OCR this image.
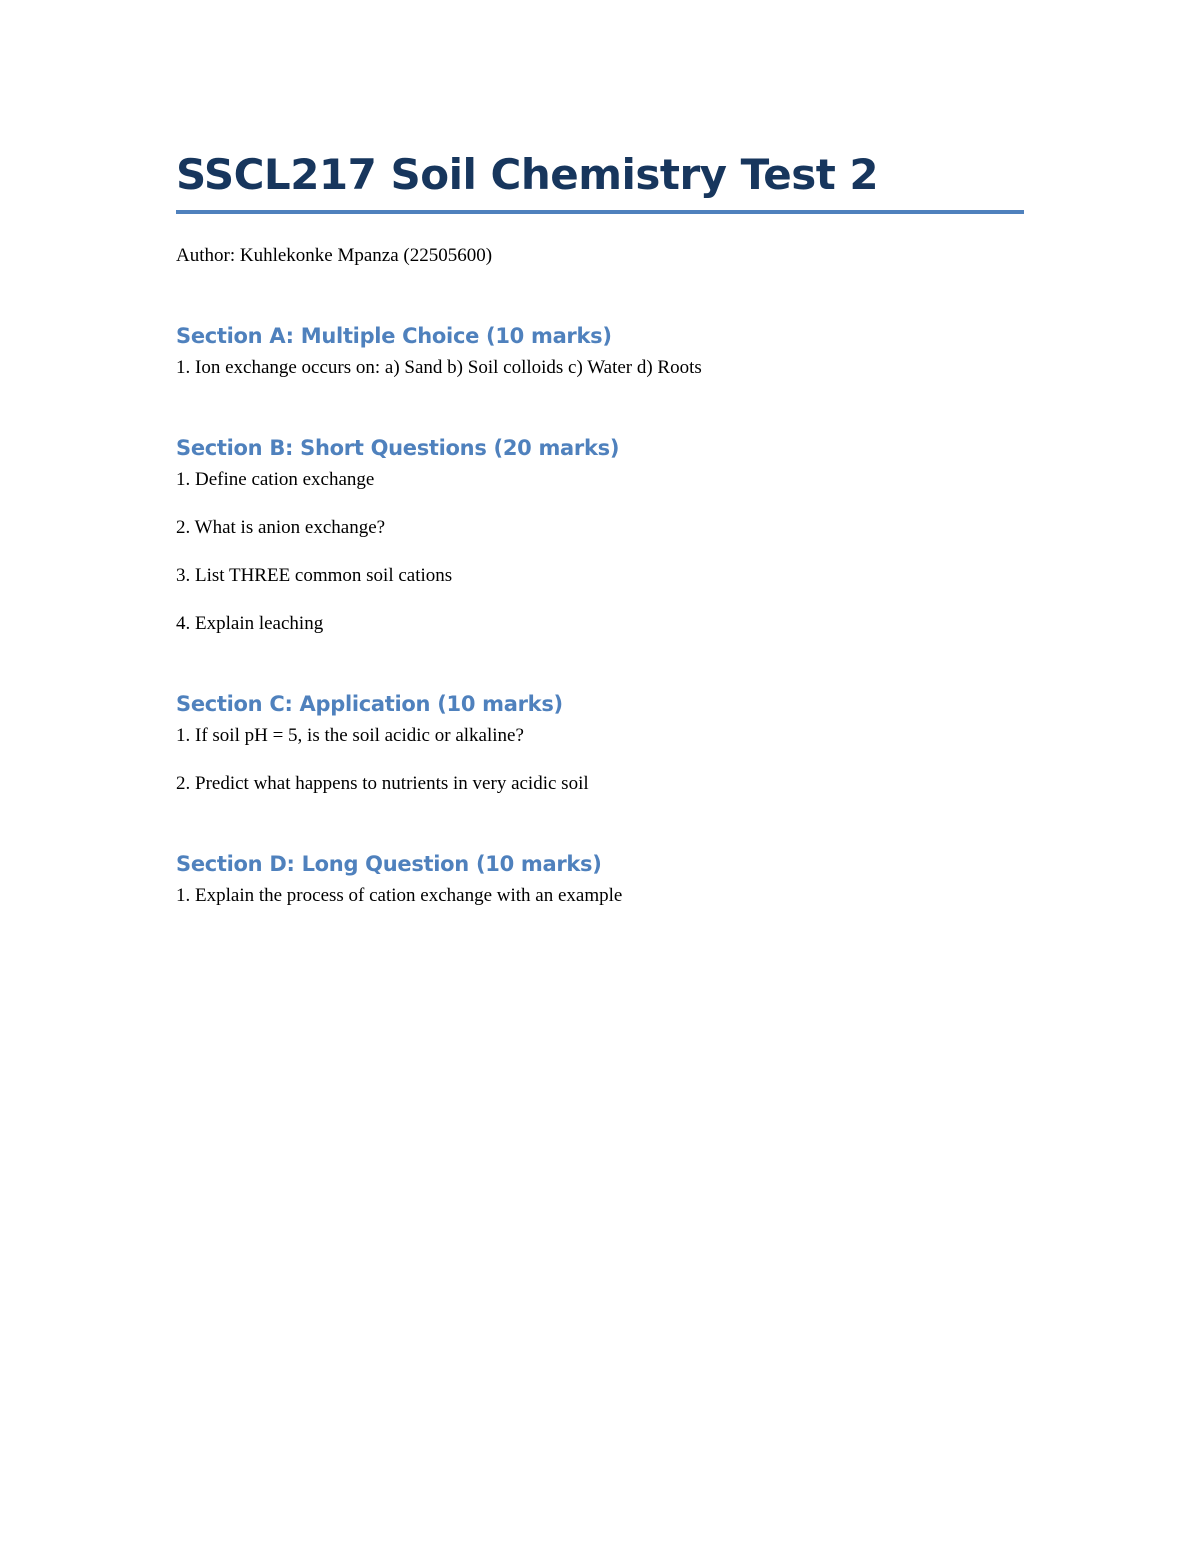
SSCL217 Soil Chemistry Test 2

Author: Kuhlekonke Mpanza (22505600)

Section A: Multiple Choice (10 marks)
1. Ion exchange occurs on: a) Sand b) Soil colloids c) Water d) Roots
Section B: Short Questions (20 marks)
1. Define cation exchange
2. What is anion exchange?
3. List THREE common soil cations
4. Explain leaching
Section C: Application (10 marks)
1. If soil pH = 5, is the soil acidic or alkaline?
2. Predict what happens to nutrients in very acidic soil
Section D: Long Question (10 marks)
1. Explain the process of cation exchange with an example
